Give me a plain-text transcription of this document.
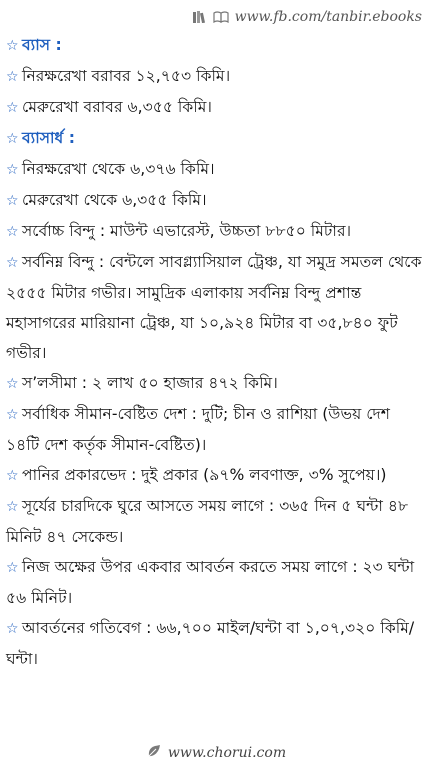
www.fb.com/tanbir.ebooks

☆ ব্যাস :

☆ নিরক্ষরেখা বরাবর ১২,৭৫৩ কিমি।

☆ মেরুরেখা বরাবর ৬,৩৫৫ কিমি।

☆ ব্যাসার্ধ :

☆ নিরক্ষরেখা থেকে ৬,৩৭৬ কিমি।

☆ মেরুরেখা থেকে ৬,৩৫৫ কিমি।

☆ সর্বোচ্চ বিন্দু : মাউন্ট এভারেস্ট, উচ্চতা ৮৮৫০ মিটার।

☆ সর্বনিম্ন বিন্দু : বেন্টলে সাবগ্ল্যাসিয়াল ট্রেঞ্চ, যা সমুদ্র সমতল থেকে ২৫৫৫ মিটার গভীর। সামুদ্রিক এলাকায় সর্বনিম্ন বিন্দু প্রশান্ত মহাসাগরের মারিয়ানা ট্রেঞ্চ, যা ১০,৯২৪ মিটার বা ৩৫,৮৪০ ফুট গভীর।

☆ স’লসীমা : ২ লাখ ৫০ হাজার ৪৭২ কিমি।

☆ সর্বাধিক সীমান-বেষ্টিত দেশ : দুটি; চীন ও রাশিয়া (উভয় দেশ ১৪টি দেশ কর্তৃক সীমান-বেষ্টিত)।

☆ পানির প্রকারভেদ : দুই প্রকার (৯৭% লবণাক্ত, ৩% সুপেয়।)

☆ সূর্যের চারদিকে ঘুরে আসতে সময় লাগে : ৩৬৫ দিন ৫ ঘন্টা ৪৮ মিনিট ৪৭ সেকেন্ড।

☆ নিজ অক্ষের উপর একবার আবর্তন করতে সময় লাগে : ২৩ ঘন্টা ৫৬ মিনিট।

☆ আবর্তনের গতিবেগ : ৬৬,৭০০ মাইল/ঘন্টা বা ১,০৭,৩২০ কিমি/ঘন্টা।

www.chorui.com
